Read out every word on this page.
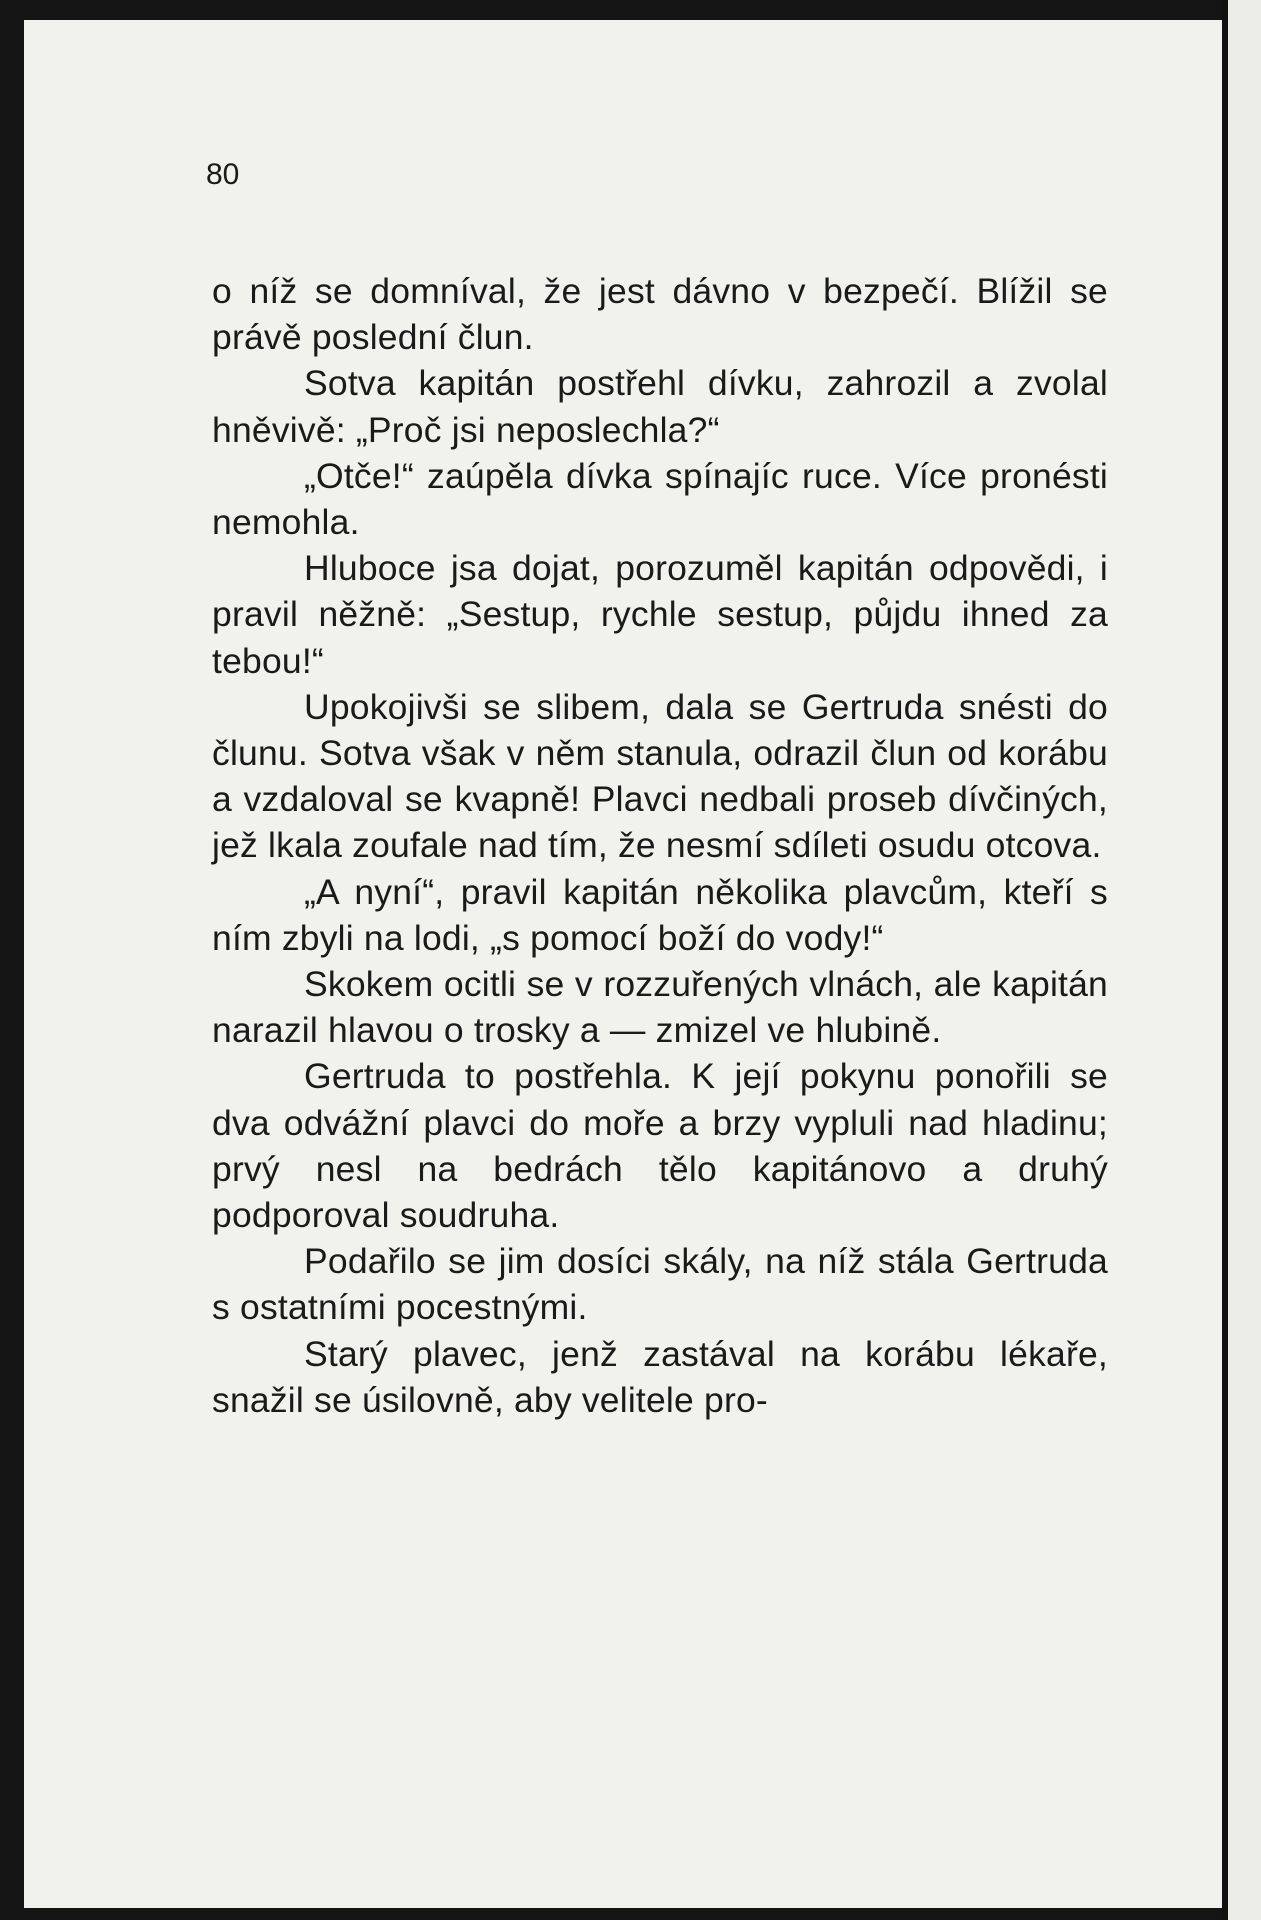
80

o níž se domníval, že jest dávno v bezpečí. Blížil se právě poslední člun.

Sotva kapitán postřehl dívku, zahrozil a zvolal hněvivě: „Proč jsi neposlechla?“

„Otče!“ zaúpěla dívka spínajíc ruce. Více pronésti nemohla.

Hluboce jsa dojat, porozuměl kapitán odpovědi, i pravil něžně: „Sestup, rychle sestup, půjdu ihned za tebou!“

Upokojivši se slibem, dala se Gertruda snésti do člunu. Sotva však v něm stanula, odrazil člun od korábu a vzdaloval se kvapně! Plavci nedbali proseb dívčiných, jež lkala zoufale nad tím, že nesmí sdíleti osudu otcova.

„A nyní“, pravil kapitán několika plavcům, kteří s ním zbyli na lodi, „s pomocí boží do vody!“

Skokem ocitli se v rozzuřených vlnách, ale kapitán narazil hlavou o trosky a — zmizel ve hlubině.

Gertruda to postřehla. K její pokynu ponořili se dva odvážní plavci do moře a brzy vypluli nad hladinu; prvý nesl na bedrách tělo kapitánovo a druhý podporoval soudruha.

Podařilo se jim dosíci skály, na níž stála Gertruda s ostatními pocestnými.

Starý plavec, jenž zastával na korábu lékaře, snažil se úsilovně, aby velitele pro-
